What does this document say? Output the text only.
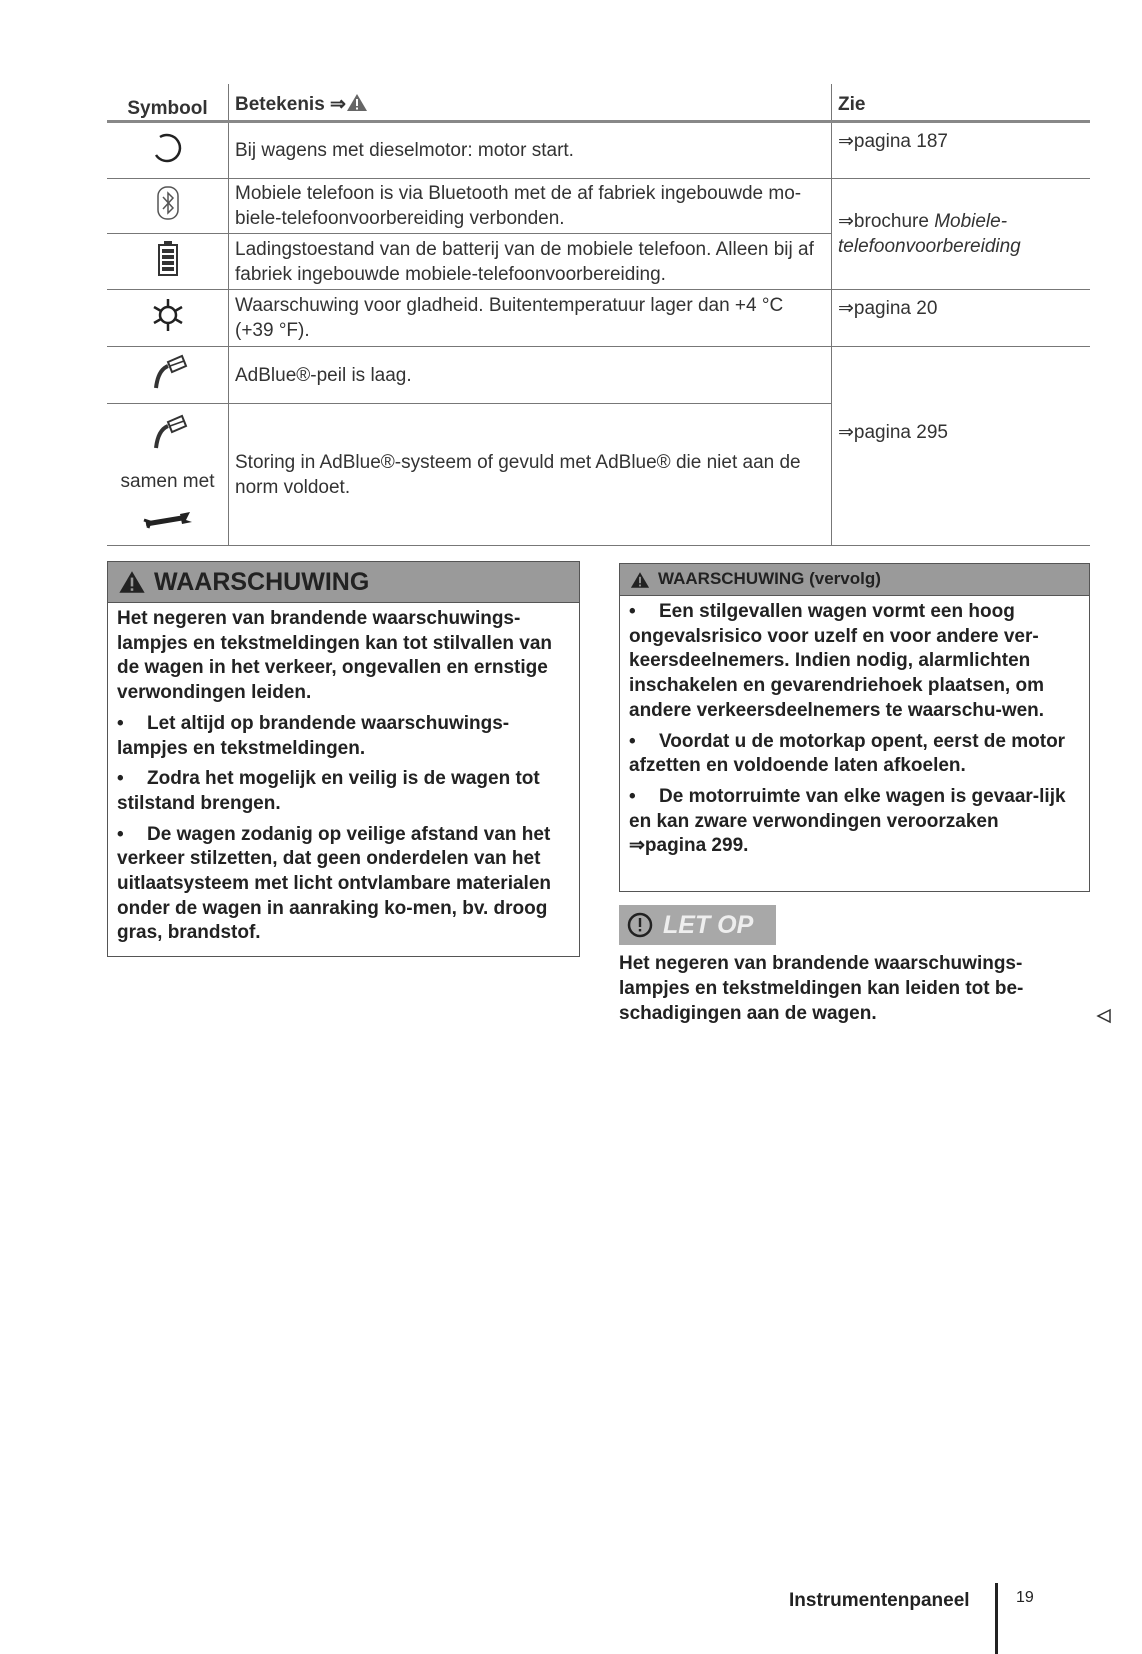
Symbool	Betekenis ⇒	Zie
	Bij wagens met dieselmotor: motor start.	⇒pagina 187
	Mobiele telefoon is via Bluetooth met de af fabriek ingebouwde mo-biele-telefoonvoorbereiding verbonden.	⇒brochure Mobiele-telefoonvoorbereiding
	Ladingstoestand van de batterij van de mobiele telefoon. Alleen bij af fabriek ingebouwde mobiele-telefoonvoorbereiding.	
	Waarschuwing voor gladheid. Buitentemperatuur lager dan +4 °C (+39 °F).	⇒pagina 20
	AdBlue®-peil is laag.	⇒pagina 295

samen met	Storing in AdBlue®-systeem of gevuld met AdBlue® die niet aan de norm voldoet.	
WAARSCHUWING

Het negeren van brandende waarschuwings-lampjes en tekstmeldingen kan tot stilvallen van de wagen in het verkeer, ongevallen en ernstige verwondingen leiden.

• Let altijd op brandende waarschuwings-lampjes en tekstmeldingen.

• Zodra het mogelijk en veilig is de wagen tot stilstand brengen.

• De wagen zodanig op veilige afstand van het verkeer stilzetten, dat geen onderdelen van het uitlaatsysteem met licht ontvlambare materialen onder de wagen in aanraking ko-men, bv. droog gras, brandstof.

WAARSCHUWING (vervolg)

• Een stilgevallen wagen vormt een hoog ongevalsrisico voor uzelf en voor andere ver-keersdeelnemers. Indien nodig, alarmlichten inschakelen en gevarendriehoek plaatsen, om andere verkeersdeelnemers te waarschu-wen.

• Voordat u de motorkap opent, eerst de motor afzetten en voldoende laten afkoelen.

• De motorruimte van elke wagen is gevaar-lijk en kan zware verwondingen veroorzaken ⇒pagina 299.

LET OP
Het negeren van brandende waarschuwings-lampjes en tekstmeldingen kan leiden tot be-schadigingen aan de wagen.
Instrumentenpaneel	19
